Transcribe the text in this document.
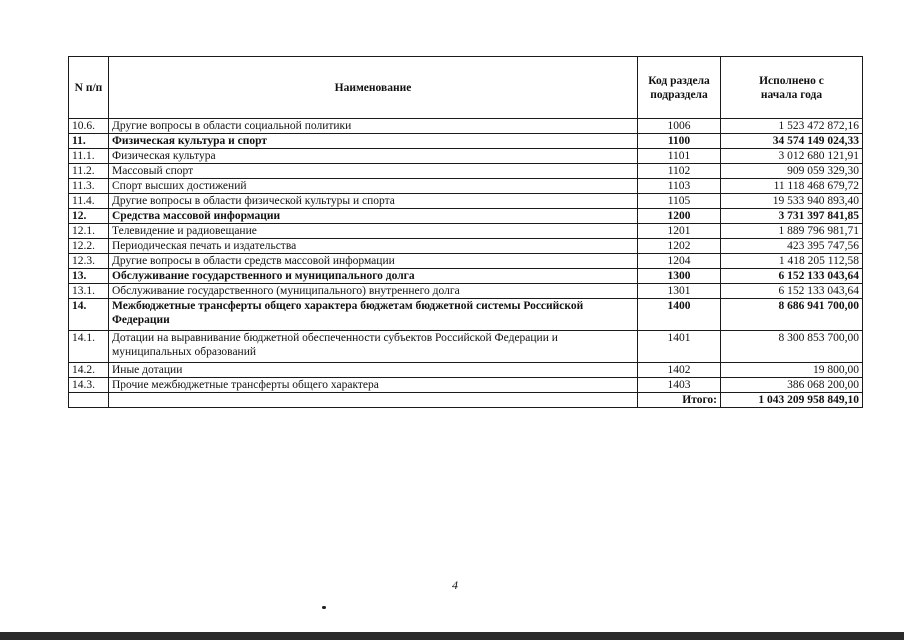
N п/п	Наименование	Код раздела подраздела	Исполнено с начала года
10.6.	Другие вопросы в области социальной политики	1006	1 523 472 872,16
11.	Физическая культура и спорт	1100	34 574 149 024,33
11.1.	Физическая культура	1101	3 012 680 121,91
11.2.	Массовый спорт	1102	909 059 329,30
11.3.	Спорт высших достижений	1103	11 118 468 679,72
11.4.	Другие вопросы в области физической культуры и спорта	1105	19 533 940 893,40
12.	Средства массовой информации	1200	3 731 397 841,85
12.1.	Телевидение и радиовещание	1201	1 889 796 981,71
12.2.	Периодическая печать и издательства	1202	423 395 747,56
12.3.	Другие вопросы в области средств массовой информации	1204	1 418 205 112,58
13.	Обслуживание государственного и муниципального долга	1300	6 152 133 043,64
13.1.	Обслуживание государственного (муниципального) внутреннего долга	1301	6 152 133 043,64
14.	Межбюджетные трансферты общего характера бюджетам бюджетной системы Российской Федерации	1400	8 686 941 700,00
14.1.	Дотации на выравнивание бюджетной обеспеченности субъектов Российской Федерации и муниципальных образований	1401	8 300 853 700,00
14.2.	Иные дотации	1402	19 800,00
14.3.	Прочие межбюджетные трансферты общего характера	1403	386 068 200,00
		Итого:	1 043 209 958 849,10
4
